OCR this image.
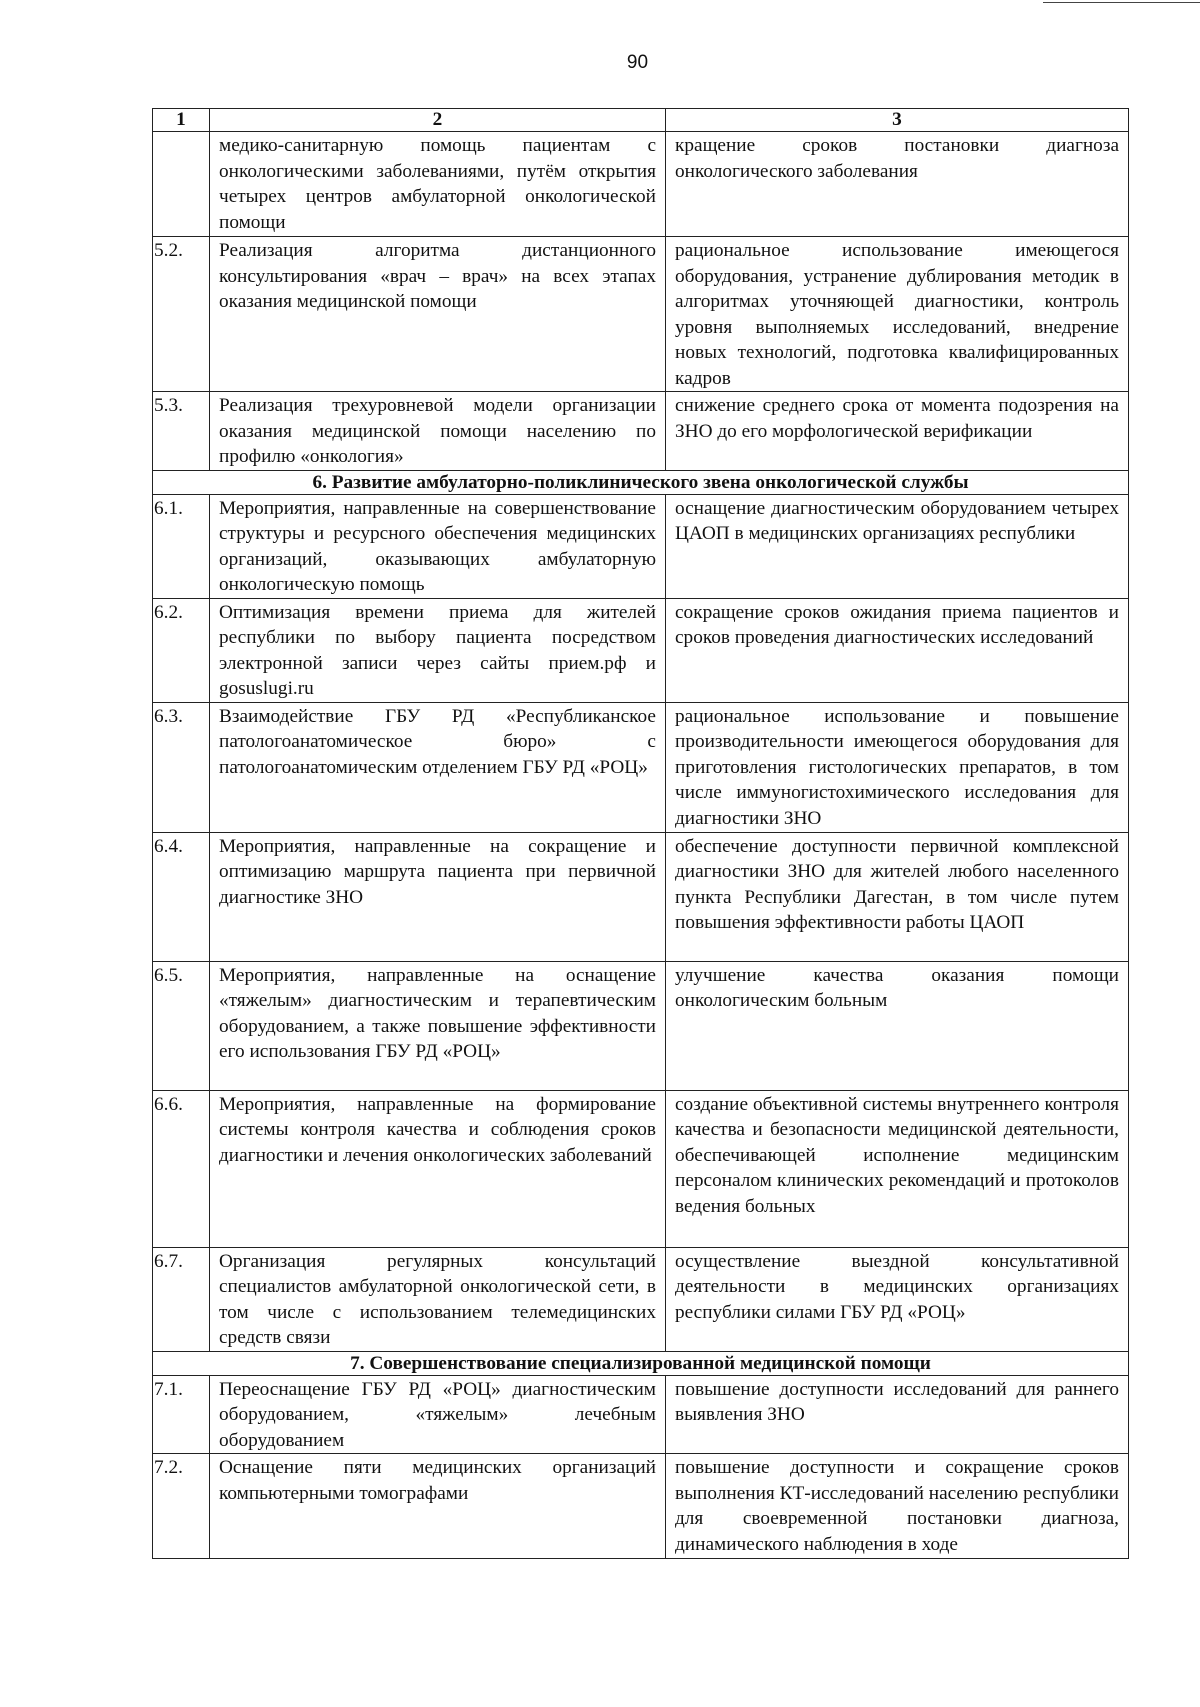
90
1	2	3
	медико-санитарную помощь пациентам с онкологическими заболеваниями, путём открытия четырех центров амбулаторной онкологической помощи	кращение сроков постановки диагноза онкологического заболевания
5.2.	Реализация алгоритма дистанционного консультирования «врач – врач» на всех этапах оказания медицинской помощи	рациональное использование имеющегося оборудования, устранение дублирования методик в алгоритмах уточняющей диагностики, контроль уровня выполняемых исследований, внедрение новых технологий, подготовка квалифицированных кадров
5.3.	Реализация трехуровневой модели организации оказания медицинской помощи населению по профилю «онкология»	снижение среднего срока от момента подозрения на ЗНО до его морфологической верификации
6. Развитие амбулаторно-поликлинического звена онкологической службы		
6.1.	Мероприятия, направленные на совершенствование структуры и ресурсного обеспечения медицинских организаций, оказывающих амбулаторную онкологическую помощь	оснащение диагностическим оборудованием четырех ЦАОП в медицинских организациях республики
6.2.	Оптимизация времени приема для жителей республики по выбору пациента посредством электронной записи через сайты прием.рф и gosuslugi.ru	сокращение сроков ожидания приема пациентов и сроков проведения диагностических исследований
6.3.	Взаимодействие ГБУ РД «Республиканское патологоанатомическое бюро» с патологоанатомическим отделением ГБУ РД «РОЦ»	рациональное использование и повышение производительности имеющегося оборудования для приготовления гистологических препаратов, в том числе иммуногистохимического исследования для диагностики ЗНО
6.4.	Мероприятия, направленные на сокращение и оптимизацию маршрута пациента при первичной диагностике ЗНО	обеспечение доступности первичной комплексной диагностики ЗНО для жителей любого населенного пункта Республики Дагестан, в том числе путем повышения эффективности работы ЦАОП
6.5.	Мероприятия, направленные на оснащение «тяжелым» диагностическим и терапевтическим оборудованием, а также повышение эффективности его использования ГБУ РД «РОЦ»	улучшение качества оказания помощи онкологическим больным
6.6.	Мероприятия, направленные на формирование системы контроля качества и соблюдения сроков диагностики и лечения онкологических заболеваний	создание объективной системы внутреннего контроля качества и безопасности медицинской деятельности, обеспечивающей исполнение медицинским персоналом клинических рекомендаций и протоколов ведения больных
6.7.	Организация регулярных консультаций специалистов амбулаторной онкологической сети, в том числе с использованием телемедицинских средств связи	осуществление выездной консультативной деятельности в медицинских организациях республики силами ГБУ РД «РОЦ»
7. Совершенствование специализированной медицинской помощи		
7.1.	Переоснащение ГБУ РД «РОЦ» диагностическим оборудованием, «тяжелым» лечебным оборудованием	повышение доступности исследований для раннего выявления ЗНО
7.2.	Оснащение пяти медицинских организаций компьютерными томографами	повышение доступности и сокращение сроков выполнения КТ-исследований населению республики для своевременной постановки диагноза, динамического наблюдения в ходе
